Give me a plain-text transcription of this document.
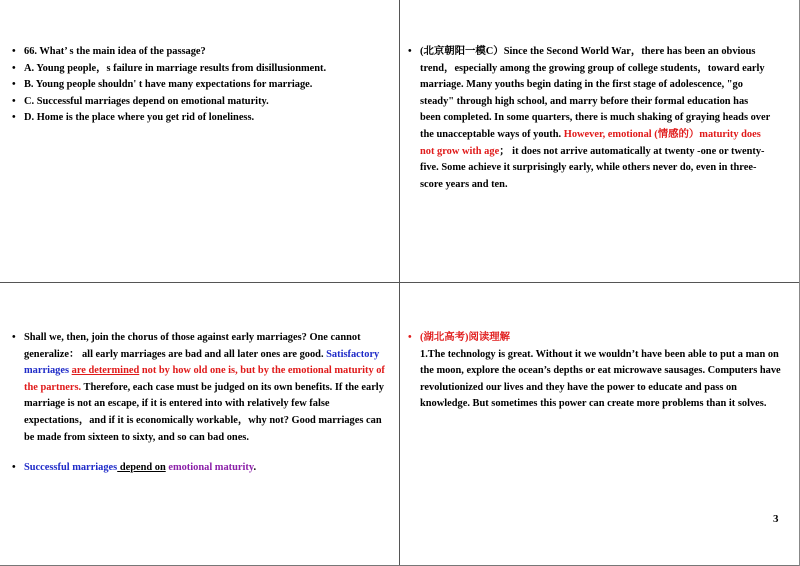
• 66. What’ s the main idea of the passage?
• A. Young people，s failure in marriage results from disillusionment.
• B. Young people shouldn' t have many expectations for marriage.
• C. Successful marriages depend on emotional maturity.
• D. Home is the place where you get rid of loneliness.
• (北京朝阳一模C）Since the Second World War，there has been an obvious trend，especially among the growing group of college students，toward early marriage. Many youths begin dating in the first stage of adolescence, "go steady" through high school, and marry before their formal education has been completed. In some quarters, there is much shaking of graying heads over the unacceptable ways of youth. However, emotional (情感的）maturity does not grow with age； it does not arrive automatically at twenty -one or twenty-five. Some achieve it surprisingly early, while others never do, even in three-score years and ten.
• Shall we, then, join the chorus of those against early marriages? One cannot generalize： all early marriages are bad and all later ones are good. Satisfactory marriages are determined not by how old one is, but by the emotional maturity of the partners. Therefore, each case must be judged on its own benefits. If the early marriage is not an escape, if it is entered into with relatively few false expectations，and if it is economically workable，why not? Good marriages can be made from sixteen to sixty, and so can bad ones.
• Successful marriages depend on emotional maturity.
• (湖北高考)阅读理解
1.The technology is great. Without it we wouldn’t have been able to put a man on the moon, explore the ocean’s depths or eat microwave sausages. Computers have revolutionized our lives and they have the power to educate and pass on knowledge. But sometimes this power can create more problems than it solves.
3
